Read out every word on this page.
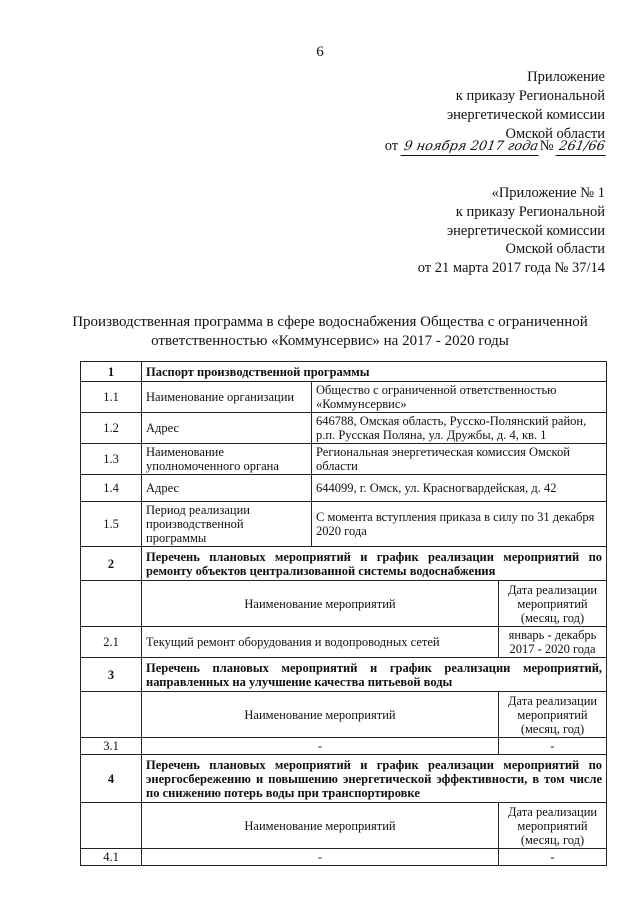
6
Приложение
к приказу Региональной
энергетической комиссии
Омской области
от 9 ноября 2017 года№ 261/66
«Приложение № 1
к приказу Региональной
энергетической комиссии
Омской области
от 21 марта 2017 года № 37/14
Производственная программа в сфере водоснабжения Общества с ограниченной
ответственностью «Коммунсервис» на 2017 - 2020 годы
1	Паспорт производственной программы		
1.1	Наименование организации	Общество с ограниченной ответственностью «Коммунсервис»	
1.2	Адрес	646788, Омская область, Русско-Полянский район, р.п. Русская Поляна, ул. Дружбы, д. 4, кв. 1	
1.3	Наименование уполномоченного органа	Региональная энергетическая комиссия Омской области	
1.4	Адрес	644099, г. Омск, ул. Красногвардейская, д. 42	
1.5	Период реализации производственной программы	С момента вступления приказа в силу по 31 декабря 2020 года	
2	Перечень плановых мероприятий и график реализации мероприятий по ремонту объектов централизованной системы водоснабжения		
	Наименование мероприятий		Дата реализации мероприятий (месяц, год)
2.1	Текущий ремонт оборудования и водопроводных сетей		январь - декабрь 2017 - 2020 года
3	Перечень плановых мероприятий и график реализации мероприятий, направленных на улучшение качества питьевой воды		
	Наименование мероприятий		Дата реализации мероприятий (месяц, год)
3.1	-		-
4	Перечень плановых мероприятий и график реализации мероприятий по энергосбережению и повышению энергетической эффективности, в том числе по снижению потерь воды при транспортировке		
	Наименование мероприятий		Дата реализации мероприятий (месяц, год)
4.1	-		-
